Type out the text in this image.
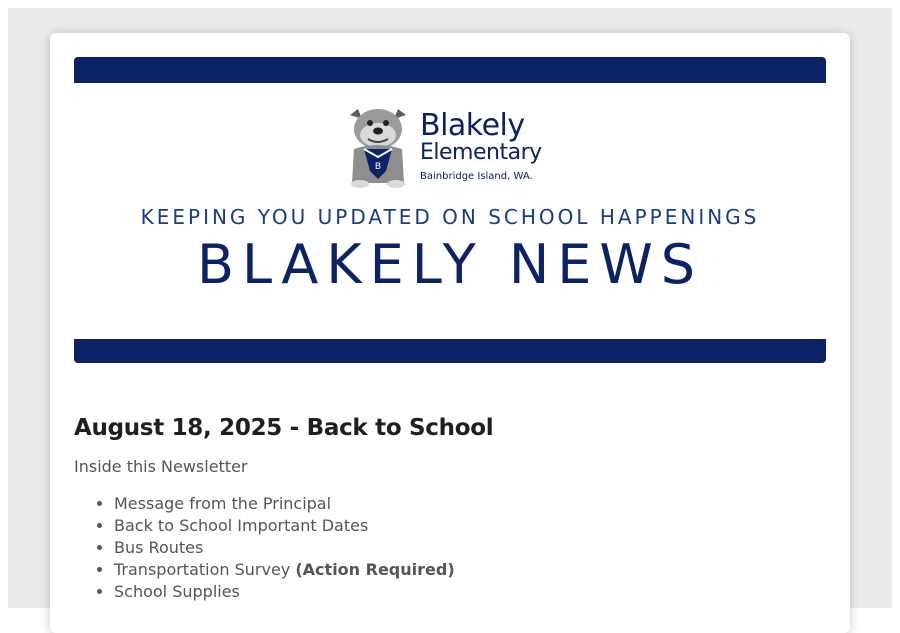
B
Blakely
Elementary
Bainbridge Island, WA.
KEEPING YOU UPDATED ON SCHOOL HAPPENINGS
BLAKELY NEWS
August 18, 2025 - Back to School
Inside this Newsletter
• Message from the Principal
• Back to School Important Dates
• Bus Routes
• Transportation Survey (Action Required)
• School Supplies
